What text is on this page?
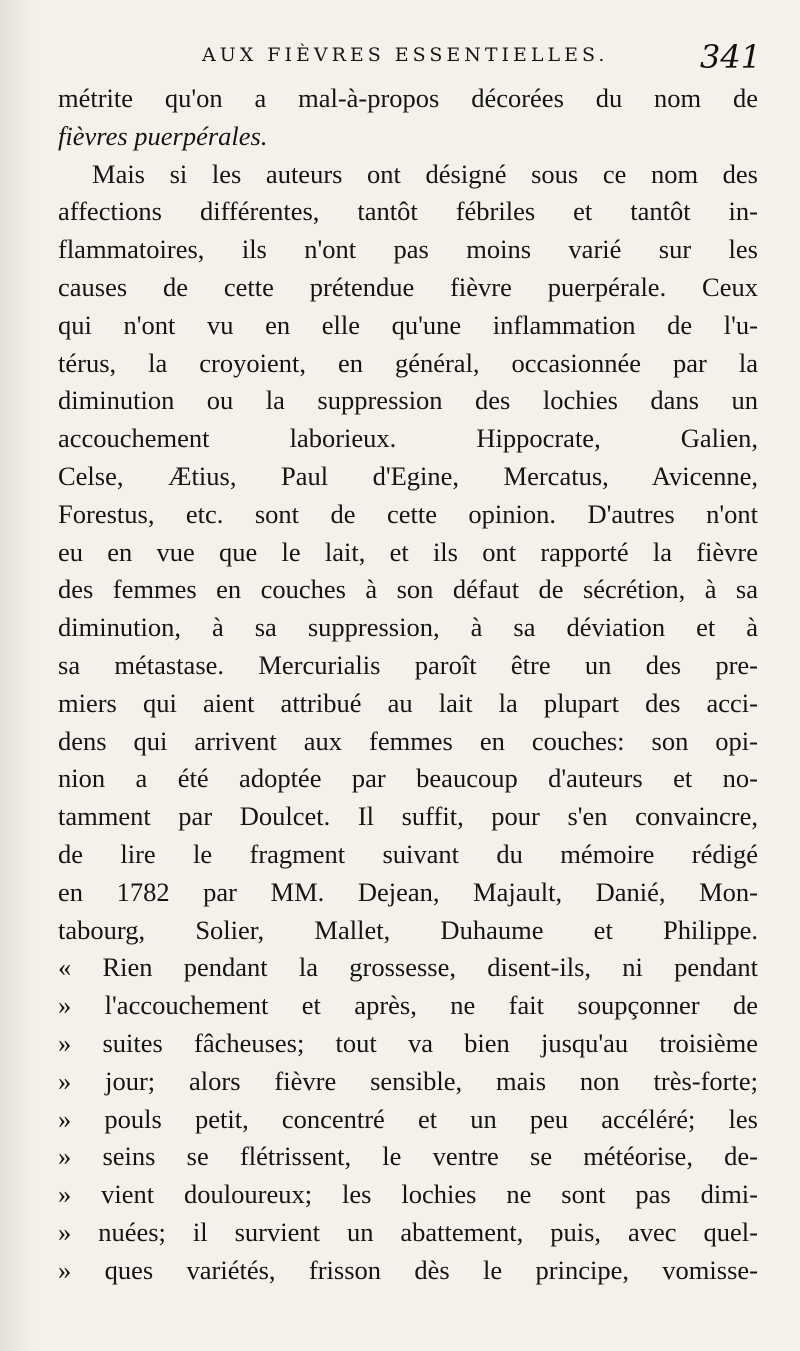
AUX FIÈVRES ESSENTIELLES.	341
métrite qu'on a mal-à-propos décorées du nom de
fièvres puerpérales.
Mais si les auteurs ont désigné sous ce nom des
affections différentes, tantôt fébriles et tantôt in-
flammatoires, ils n'ont pas moins varié sur les
causes de cette prétendue fièvre puerpérale. Ceux
qui n'ont vu en elle qu'une inflammation de l'u-
térus, la croyoient, en général, occasionnée par la
diminution ou la suppression des lochies dans un
accouchement laborieux. Hippocrate, Galien,
Celse, Ætius, Paul d'Egine, Mercatus, Avicenne,
Forestus, etc. sont de cette opinion. D'autres n'ont
eu en vue que le lait, et ils ont rapporté la fièvre
des femmes en couches à son défaut de sécrétion, à sa
diminution, à sa suppression, à sa déviation et à
sa métastase. Mercurialis paroît être un des pre-
miers qui aient attribué au lait la plupart des acci-
dens qui arrivent aux femmes en couches: son opi-
nion a été adoptée par beaucoup d'auteurs et no-
tamment par Doulcet. Il suffit, pour s'en convaincre,
de lire le fragment suivant du mémoire rédigé
en 1782 par MM. Dejean, Majault, Danié, Mon-
tabourg, Solier, Mallet, Duhaume et Philippe.
« Rien pendant la grossesse, disent-ils, ni pendant
» l'accouchement et après, ne fait soupçonner de
» suites fâcheuses; tout va bien jusqu'au troisième
» jour; alors fièvre sensible, mais non très-forte;
» pouls petit, concentré et un peu accéléré; les
» seins se flétrissent, le ventre se météorise, de-
» vient douloureux; les lochies ne sont pas dimi-
» nuées; il survient un abattement, puis, avec quel-
» ques variétés, frisson dès le principe, vomisse-
